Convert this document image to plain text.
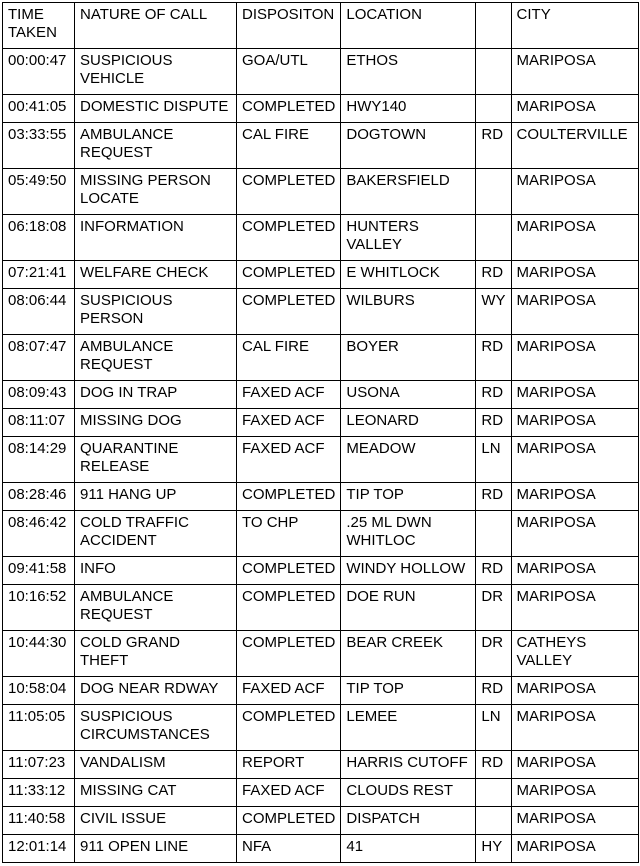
TIME TAKEN	NATURE OF CALL	DISPOSITON	LOCATION		CITY
00:00:47	SUSPICIOUS VEHICLE	GOA/UTL	ETHOS		MARIPOSA
00:41:05	DOMESTIC DISPUTE	COMPLETED	HWY140		MARIPOSA
03:33:55	AMBULANCE REQUEST	CAL FIRE	DOGTOWN	RD	COULTERVILLE
05:49:50	MISSING PERSON LOCATE	COMPLETED	BAKERSFIELD		MARIPOSA
06:18:08	INFORMATION	COMPLETED	HUNTERS VALLEY		MARIPOSA
07:21:41	WELFARE CHECK	COMPLETED	E WHITLOCK	RD	MARIPOSA
08:06:44	SUSPICIOUS PERSON	COMPLETED	WILBURS	WY	MARIPOSA
08:07:47	AMBULANCE REQUEST	CAL FIRE	BOYER	RD	MARIPOSA
08:09:43	DOG IN TRAP	FAXED ACF	USONA	RD	MARIPOSA
08:11:07	MISSING DOG	FAXED ACF	LEONARD	RD	MARIPOSA
08:14:29	QUARANTINE RELEASE	FAXED ACF	MEADOW	LN	MARIPOSA
08:28:46	911 HANG UP	COMPLETED	TIP TOP	RD	MARIPOSA
08:46:42	COLD TRAFFIC ACCIDENT	TO CHP	.25 ML DWN WHITLOC		MARIPOSA
09:41:58	INFO	COMPLETED	WINDY HOLLOW	RD	MARIPOSA
10:16:52	AMBULANCE REQUEST	COMPLETED	DOE RUN	DR	MARIPOSA
10:44:30	COLD GRAND THEFT	COMPLETED	BEAR CREEK	DR	CATHEYS VALLEY
10:58:04	DOG NEAR RDWAY	FAXED ACF	TIP TOP	RD	MARIPOSA
11:05:05	SUSPICIOUS CIRCUMSTANCES	COMPLETED	LEMEE	LN	MARIPOSA
11:07:23	VANDALISM	REPORT	HARRIS CUTOFF	RD	MARIPOSA
11:33:12	MISSING CAT	FAXED ACF	CLOUDS REST		MARIPOSA
11:40:58	CIVIL ISSUE	COMPLETED	DISPATCH		MARIPOSA
12:01:14	911 OPEN LINE	NFA	41	HY	MARIPOSA
